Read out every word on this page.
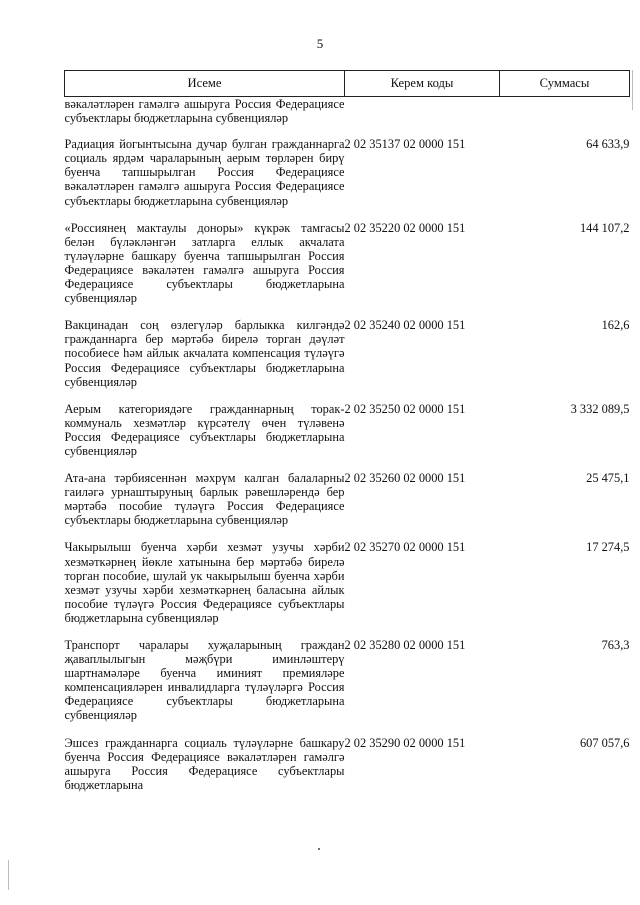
5
Исеме	Керем коды	Суммасы
вәкаләтләрен гамәлгә ашыруга Россия Федерациясе субъектлары бюджетларына субвенцияләр		
Радиация йогынтысына дучар булган гражданнарга социаль ярдәм чараларының аерым төрләрен бирү буенча тапшырылган Россия Федерациясе вәкаләтләрен гамәлгә ашыруга Россия Федерациясе субъектлары бюджетларына субвенцияләр	2 02 35137 02 0000 151	64 633,9
«Россиянең мактаулы доноры» күкрәк тамгасы белән бүләкләнгән затларга еллык акчалата түләүләрне башкару буенча тапшырылган Россия Федерациясе вәкаләтен гамәлгә ашыруга Россия Федерациясе субъектлары бюджетларына субвенцияләр	2 02 35220 02 0000 151	144 107,2
Вакцинадан соң өзлегүләр барлыкка килгәндә гражданнарга бер мәртәбә бирелә торган дәүләт пособиесе һәм айлык акчалата компенсация түләүгә Россия Федерациясе субъектлары бюджетларына субвенцияләр	2 02 35240 02 0000 151	162,6
Аерым категориядәге гражданнарның торак-коммуналь хезмәтләр күрсәтелү өчен түләвенә Россия Федерациясе субъектлары бюджетларына субвенцияләр	2 02 35250 02 0000 151	3 332 089,5
Ата-ана тәрбиясеннән мәхрүм калган балаларны гаиләгә урнаштыруның барлык рәвешләрендә бер мәртәбә пособие түләүгә Россия Федерациясе субъектлары бюджетларына субвенцияләр	2 02 35260 02 0000 151	25 475,1
Чакырылыш буенча хәрби хезмәт узучы хәрби хезмәткәрнең йөкле хатынына бер мәртәбә бирелә торган пособие, шулай ук чакырылыш буенча хәрби хезмәт узучы хәрби хезмәткәрнең баласына айлык пособие түләүгә Россия Федерациясе субъектлары бюджетларына субвенцияләр	2 02 35270 02 0000 151	17 274,5
Транспорт чаралары хуҗаларының граждан җаваплылыгын мәҗбүри иминләштерү шартнамәләре буенча иминият премияләре компенсацияләрен инвалидларга түләүләргә Россия Федерациясе субъектлары бюджетларына субвенцияләр	2 02 35280 02 0000 151	763,3
Эшсез гражданнарга социаль түләүләрне башкару буенча Россия Федерациясе вәкаләтләрен гамәлгә ашыруга Россия Федерациясе субъектлары бюджетларына	2 02 35290 02 0000 151	607 057,6
